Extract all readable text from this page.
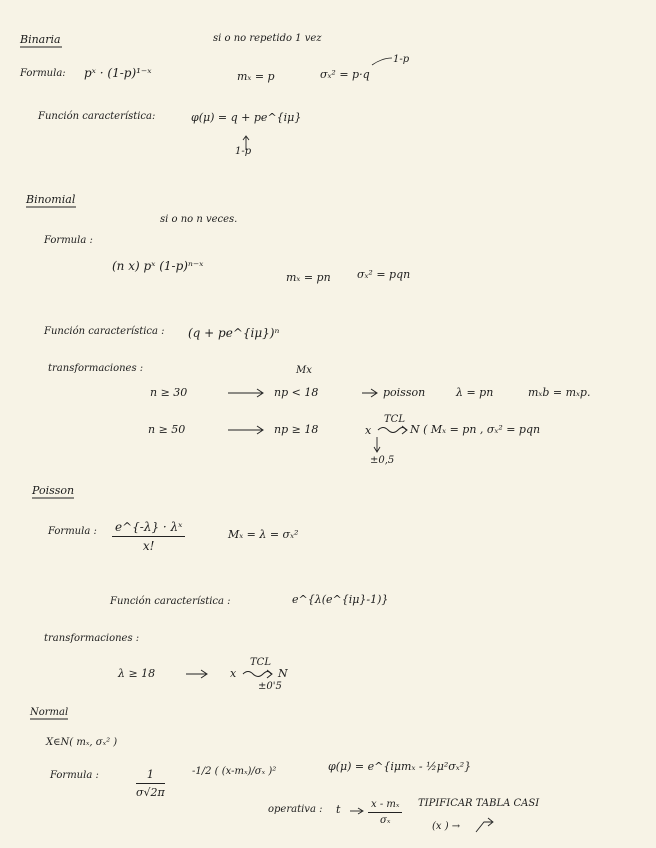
Binaria	si o no repetido 1 vez
Formula: pˣ · (1-p)¹⁻ˣ	mₓ = p	σₓ² = p·q
1-p
Función característica:	φ(μ) = q + pe^{iμ}
1-p
Binomial
si o no n veces.
Formula :
(n x) pˣ (1-p)ⁿ⁻ˣ
mₓ = pn σₓ² = pqn
Función característica : (q + pe^{iμ})ⁿ
transformaciones :
n ≥ 30
Mx
np < 18	poisson	λ = pn	mₓb = mₓp.
n ≥ 50	np ≥ 18	x
TCL
N ( Mₓ = pn , σₓ² = pqn
±0,5
Poisson
Formula : $\frac{\text{e\textasciicircum{}\{-λ\} · λˣ}}{x!}$	Mₓ = λ = σₓ²
Función característica :	e^{λ(e^{iμ}-1)}
transformaciones :
λ ≥ 18	x
TCL
N
±0'5
Normal
X∈N( mₓ, σₓ² )
Formula :	$\frac{1}{\sigma√2\pi}$	-1/2 ( (x-mₓ)/σₓ )²	φ(μ) = e^{iμmₓ - ½μ²σₓ²}
operativa : t	$\frac{\text{x - mₓ}}{\text{σₓ}}$ TIPIFICAR TABLA CASI
(x ) →
